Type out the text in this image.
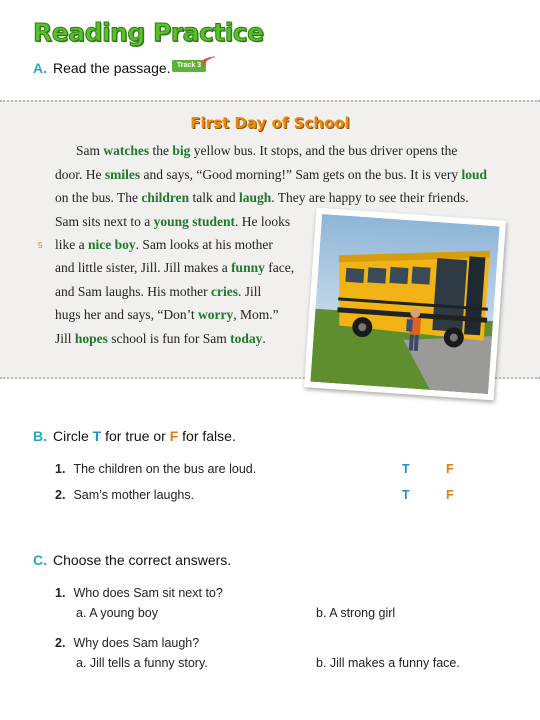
Reading Practice
A. Read the passage. Track 3
First Day of School
5
Sam watches the big yellow bus. It stops, and the bus driver opens the
door. He smiles and says, “Good morning!” Sam gets on the bus. It is very loud
on the bus. The children talk and laugh. They are happy to see their friends.
Sam sits next to a young student. He looks
like a nice boy. Sam looks at his mother
and little sister, Jill. Jill makes a funny face,
and Sam laughs. His mother cries. Jill
hugs her and says, “Don’t worry, Mom.”
Jill hopes school is fun for Sam today.
B. Circle T for true or F for false.
1. The children on the bus are loud.	T	F
2. Sam’s mother laughs.	T	F
C. Choose the correct answers.
1. Who does Sam sit next to?
a. A young boy	b. A strong girl
2. Why does Sam laugh?
a. Jill tells a funny story.	b. Jill makes a funny face.
